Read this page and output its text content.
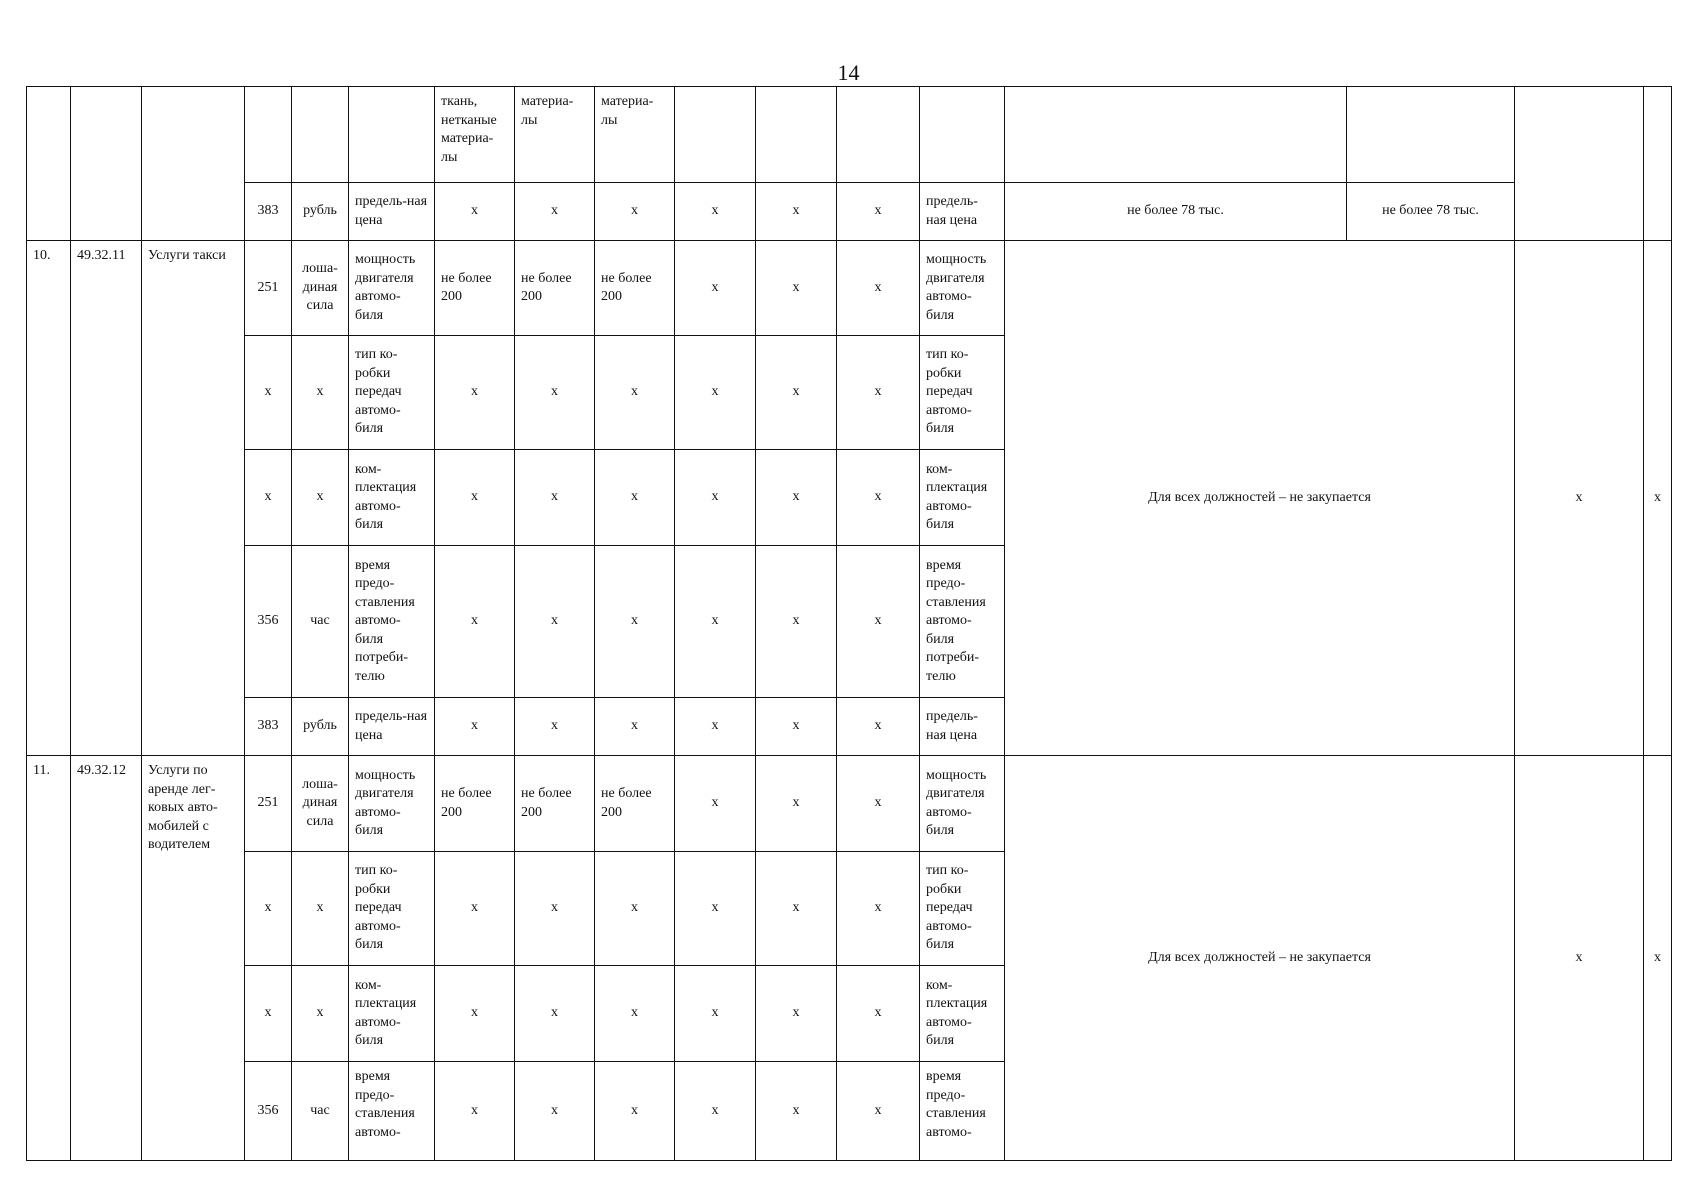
14
						ткань, нетканые материа-лы	материа-лы	материа-лы								
			383	рубль	предель-ная цена	x	x	x	x	x	x	предель-ная цена	не более 78 тыс.	не более 78 тыс.		
10.	49.32.11	Услуги такси	251	лоша-диная сила	мощность двигателя автомо-биля	не более 200	не более 200	не более 200	x	x	x	мощность двигателя автомо-биля	Для всех должностей – не закупается		x	x
			x	x	тип ко-робки передач автомо-биля	x	x	x	x	x	x	тип ко-робки передач автомо-биля				
			x	x	ком-плектация автомо-биля	x	x	x	x	x	x	ком-плектация автомо-биля				
			356	час	время предо-ставления автомо-биля потреби-телю	x	x	x	x	x	x	время предо-ставления автомо-биля потреби-телю				
			383	рубль	предель-ная цена	x	x	x	x	x	x	предель-ная цена				
11.	49.32.12	Услуги по аренде лег-ковых авто-мобилей с водителем	251	лоша-диная сила	мощность двигателя автомо-биля	не более 200	не более 200	не более 200	x	x	x	мощность двигателя автомо-биля	Для всех должностей – не закупается		x	x
			x	x	тип ко-робки передач автомо-биля	x	x	x	x	x	x	тип ко-робки передач автомо-биля				
			x	x	ком-плектация автомо-биля	x	x	x	x	x	x	ком-плектация автомо-биля				
			356	час	время предо-ставления автомо-	x	x	x	x	x	x	время предо-ставления автомо-				
